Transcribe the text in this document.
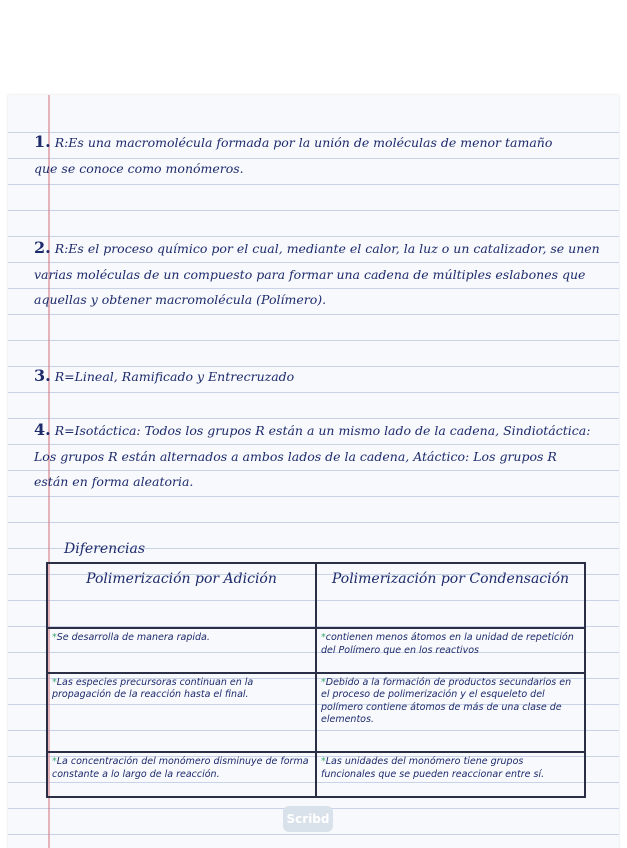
1. R:Es una macromolécula formada por la unión de moléculas de menor tamaño que se conoce como monómeros.
2. R:Es el proceso químico por el cual, mediante el calor, la luz o un catalizador, se unen varias moléculas de un compuesto para formar una cadena de múltiples eslabones que aquellas y obtener macromolécula (Polímero).
3. R=Lineal, Ramificado y Entrecruzado
4. R=Isotáctica: Todos los grupos R están a un mismo lado de la cadena, Sindiotáctica: Los grupos R están alternados a ambos lados de la cadena, Atáctico: Los grupos R están en forma aleatoria.
Diferencias
Polimerización por Adición	Polimerización por Condensación
*Se desarrolla de manera rapida.	*contienen menos átomos en la unidad de repetición del Polímero que en los reactivos
*Las especies precursoras continuan en la propagación de la reacción hasta el final.	*Debido a la formación de productos secundarios en el proceso de polimerización y el esqueleto del polímero contiene átomos de más de una clase de elementos.
*La concentración del monómero disminuye de forma constante a lo largo de la reacción.	*Las unidades del monómero tiene grupos funcionales que se pueden reaccionar entre sí.
Scribd
